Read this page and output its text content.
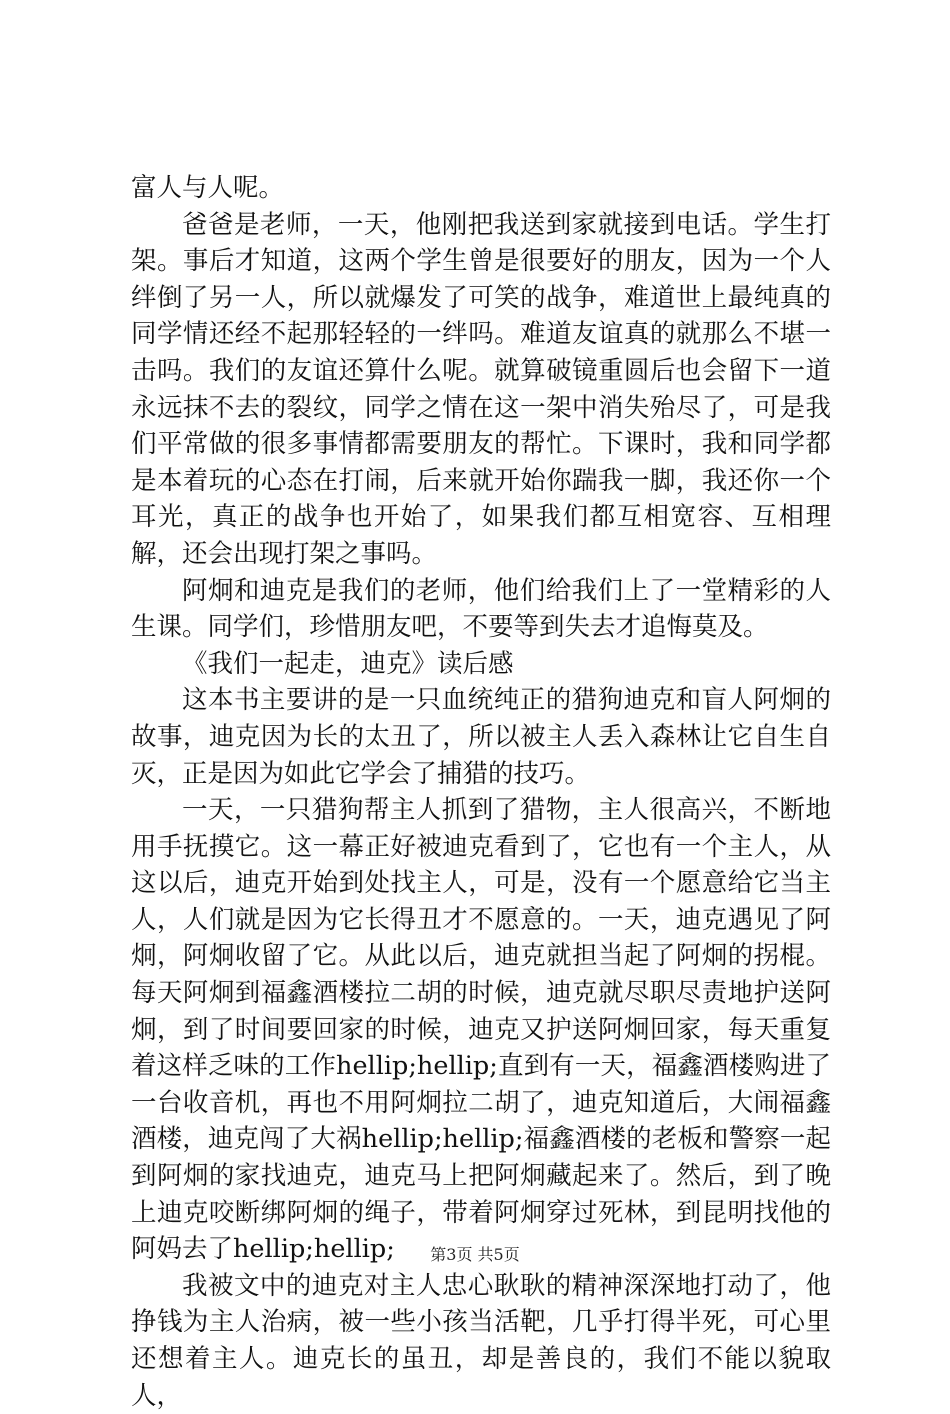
富人与人呢。

爸爸是老师，一天，他刚把我送到家就接到电话。学生打架。事后才知道，这两个学生曾是很要好的朋友，因为一个人绊倒了另一人，所以就爆发了可笑的战争，难道世上最纯真的同学情还经不起那轻轻的一绊吗。难道友谊真的就那么不堪一击吗。我们的友谊还算什么呢。就算破镜重圆后也会留下一道永远抹不去的裂纹，同学之情在这一架中消失殆尽了，可是我们平常做的很多事情都需要朋友的帮忙。下课时，我和同学都是本着玩的心态在打闹，后来就开始你踹我一脚，我还你一个耳光，真正的战争也开始了，如果我们都互相宽容、互相理解，还会出现打架之事吗。

阿炯和迪克是我们的老师，他们给我们上了一堂精彩的人生课。同学们，珍惜朋友吧，不要等到失去才追悔莫及。

《我们一起走，迪克》读后感

这本书主要讲的是一只血统纯正的猎狗迪克和盲人阿炯的故事，迪克因为长的太丑了，所以被主人丢入森林让它自生自灭，正是因为如此它学会了捕猎的技巧。

一天，一只猎狗帮主人抓到了猎物，主人很高兴，不断地用手抚摸它。这一幕正好被迪克看到了，它也有一个主人，从这以后，迪克开始到处找主人，可是，没有一个愿意给它当主人，人们就是因为它长得丑才不愿意的。一天，迪克遇见了阿炯，阿炯收留了它。从此以后，迪克就担当起了阿炯的拐棍。每天阿炯到福鑫酒楼拉二胡的时候，迪克就尽职尽责地护送阿炯，到了时间要回家的时候，迪克又护送阿炯回家，每天重复着这样乏味的工作hellip;hellip;直到有一天，福鑫酒楼购进了一台收音机，再也不用阿炯拉二胡了，迪克知道后，大闹福鑫酒楼，迪克闯了大祸hellip;hellip;福鑫酒楼的老板和警察一起到阿炯的家找迪克，迪克马上把阿炯藏起来了。然后，到了晚上迪克咬断绑阿炯的绳子，带着阿炯穿过死林，到昆明找他的阿妈去了hellip;hellip;

我被文中的迪克对主人忠心耿耿的精神深深地打动了，他挣钱为主人治病，被一些小孩当活靶，几乎打得半死，可心里还想着主人。迪克长的虽丑，却是善良的，我们不能以貌取人，

第3页 共5页
